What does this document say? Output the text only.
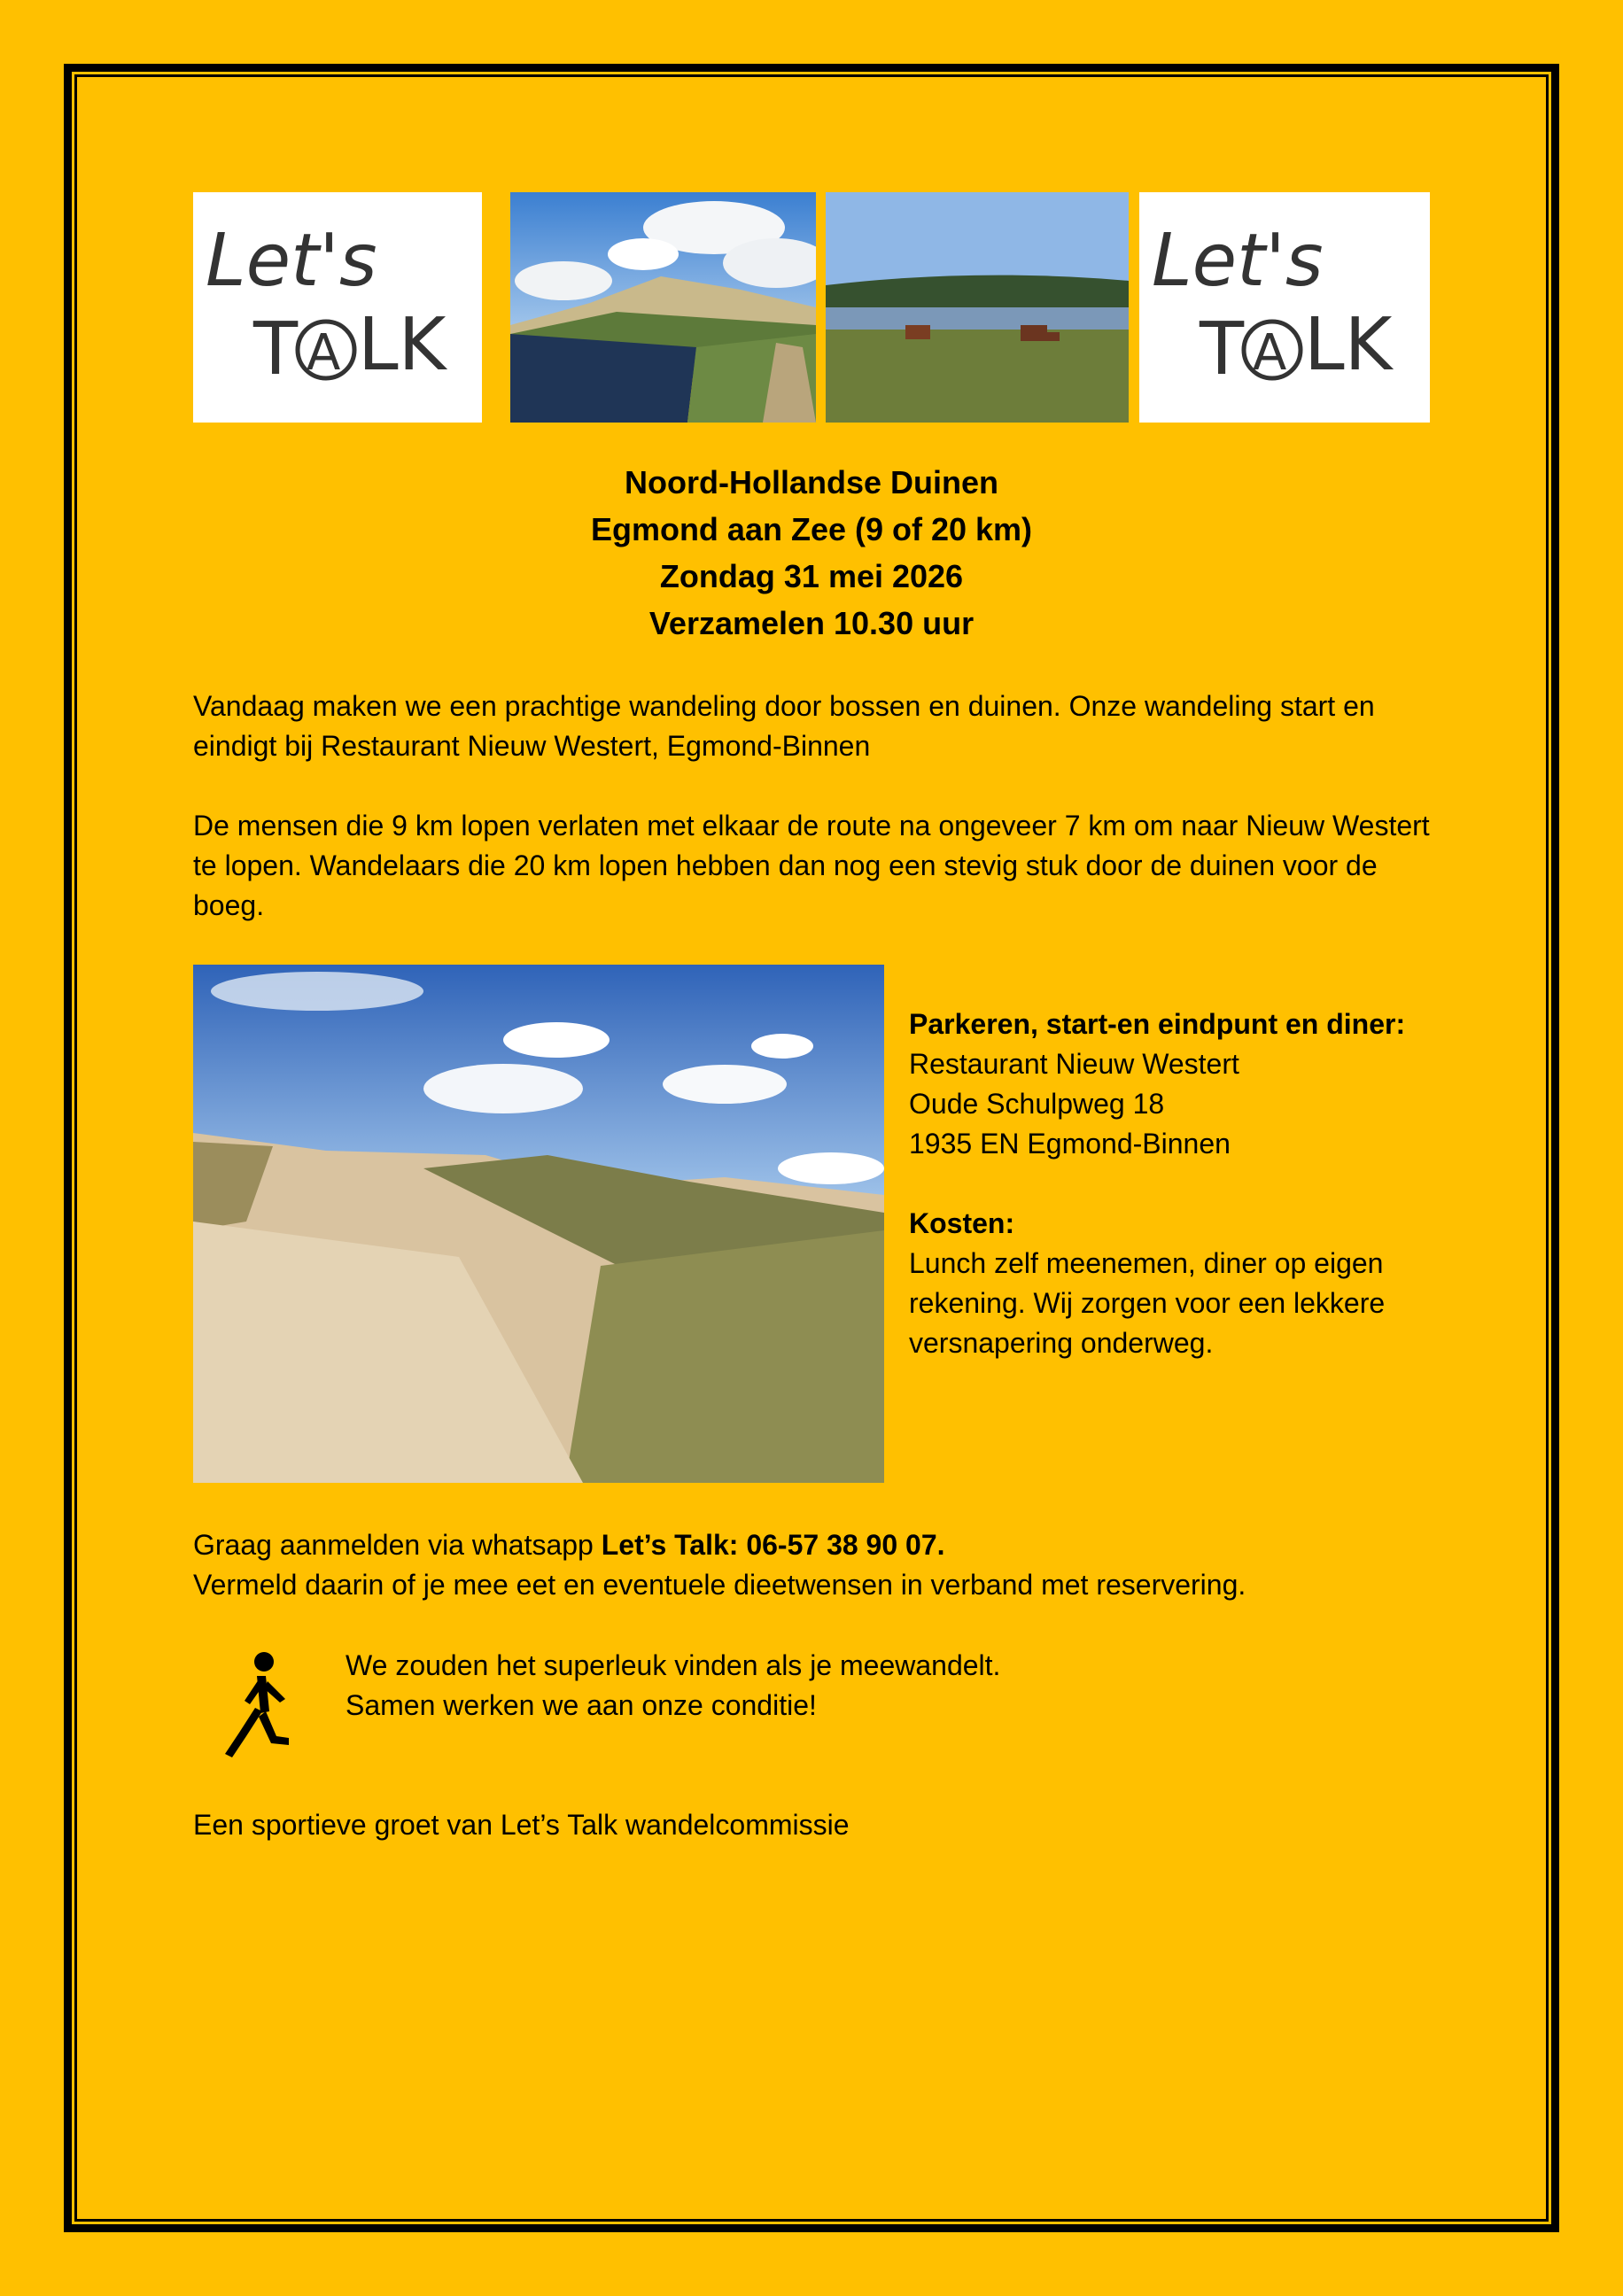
Let's
T A LK
Let's
T A LK
Noord-Hollandse Duinen
Egmond aan Zee (9 of 20 km)
Zondag 31 mei 2026
Verzamelen 10.30 uur

Vandaag maken we een prachtige wandeling door bossen en duinen. Onze wandeling start en eindigt bij Restaurant Nieuw Westert, Egmond-Binnen

De mensen die 9 km lopen verlaten met elkaar de route na ongeveer 7 km om naar Nieuw Westert te lopen. Wandelaars die 20 km lopen hebben dan nog een stevig stuk door de duinen voor de boeg.

Parkeren, start-en eindpunt en diner:
Restaurant Nieuw Westert
Oude Schulpweg 18
1935 EN Egmond-Binnen
Kosten:
Lunch zelf meenemen, diner op eigen rekening. Wij zorgen voor een lekkere versnapering onderweg.

Graag aanmelden via whatsapp Let’s Talk: 06-57 38 90 07.
Vermeld daarin of je mee eet en eventuele dieetwensen in verband met reservering.

We zouden het superleuk vinden als je meewandelt.
Samen werken we aan onze conditie!

Een sportieve groet van Let’s Talk wandelcommissie
